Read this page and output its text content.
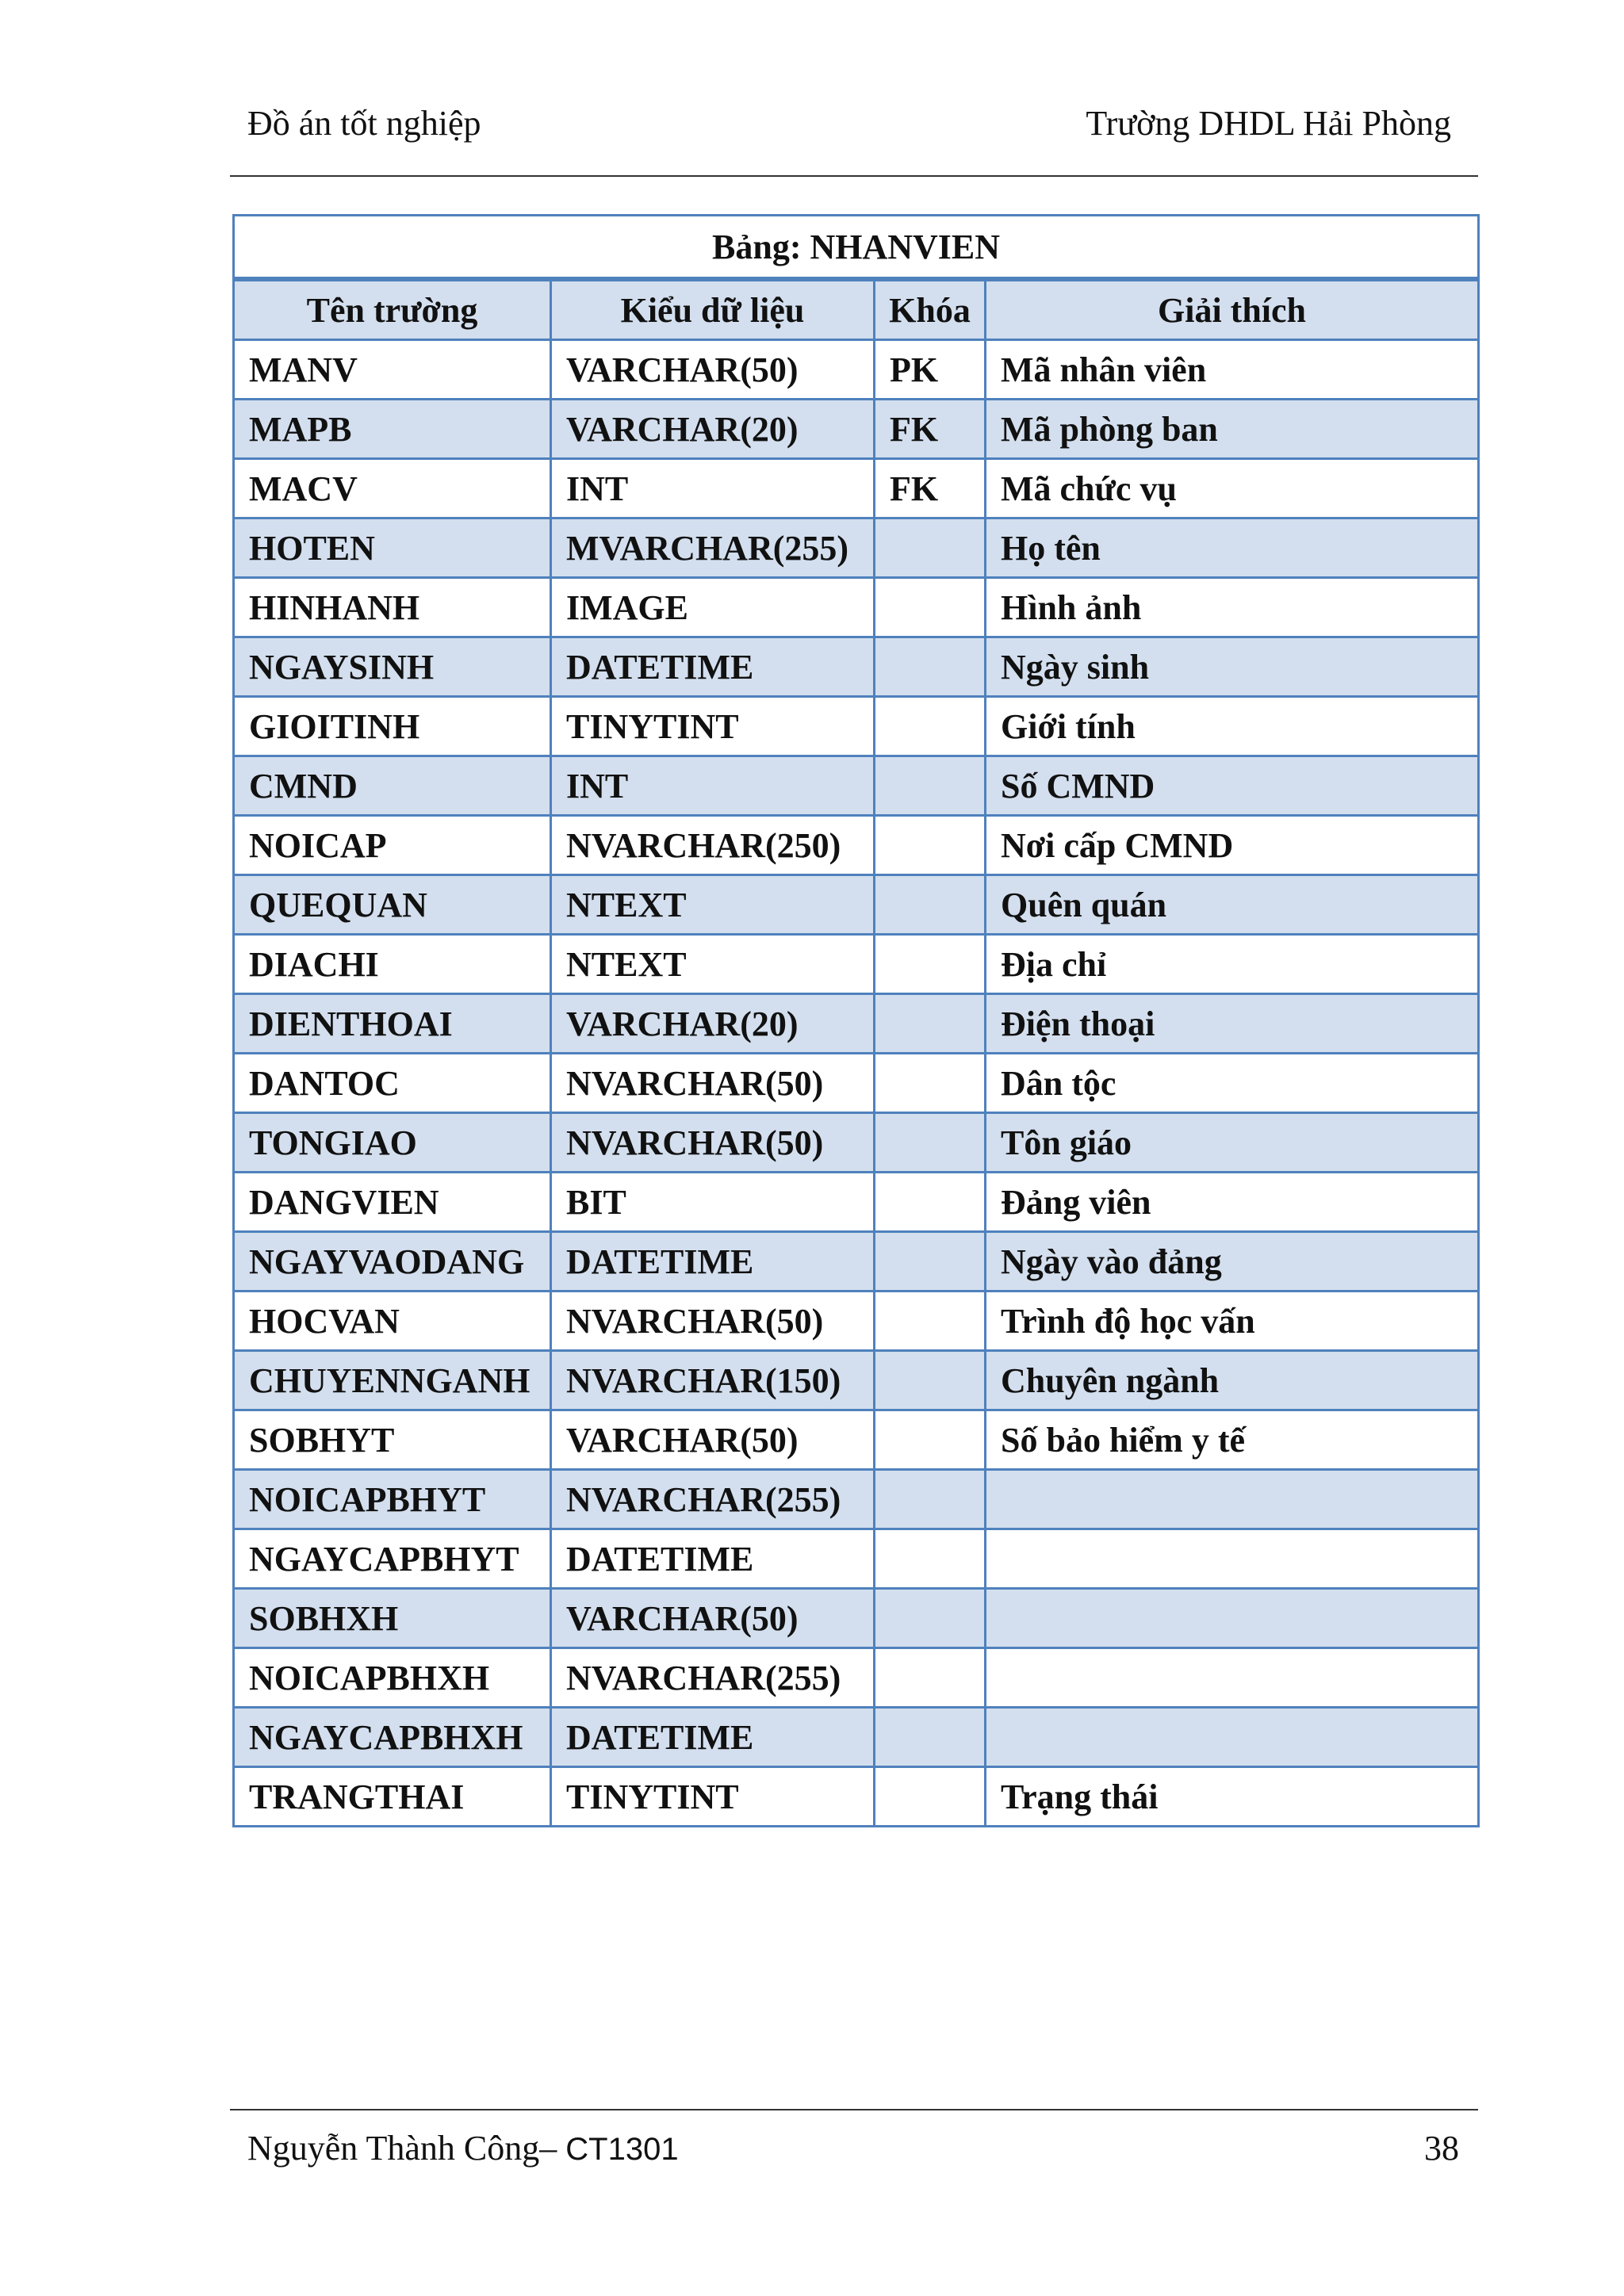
Đồ án tốt nghiệp	Trường DHDL Hải Phòng
Bảng: NHANVIEN			
Tên trường	Kiểu dữ liệu	Khóa	Giải thích
MANV	VARCHAR(50)	PK	Mã nhân viên
MAPB	VARCHAR(20)	FK	Mã phòng ban
MACV	INT	FK	Mã chức vụ
HOTEN	MVARCHAR(255)		Họ tên
HINHANH	IMAGE		Hình ảnh
NGAYSINH	DATETIME		Ngày sinh
GIOITINH	TINYTINT		Giới tính
CMND	INT		Số CMND
NOICAP	NVARCHAR(250)		Nơi cấp CMND
QUEQUAN	NTEXT		Quên quán
DIACHI	NTEXT		Địa chỉ
DIENTHOAI	VARCHAR(20)		Điện thoại
DANTOC	NVARCHAR(50)		Dân tộc
TONGIAO	NVARCHAR(50)		Tôn giáo
DANGVIEN	BIT		Đảng viên
NGAYVAODANG	DATETIME		Ngày vào đảng
HOCVAN	NVARCHAR(50)		Trình độ học vấn
CHUYENNGANH	NVARCHAR(150)		Chuyên ngành
SOBHYT	VARCHAR(50)		Số bảo hiểm y tế
NOICAPBHYT	NVARCHAR(255)		
NGAYCAPBHYT	DATETIME		
SOBHXH	VARCHAR(50)		
NOICAPBHXH	NVARCHAR(255)		
NGAYCAPBHXH	DATETIME		
TRANGTHAI	TINYTINT		Trạng thái
Nguyễn Thành Công– CT1301	38
